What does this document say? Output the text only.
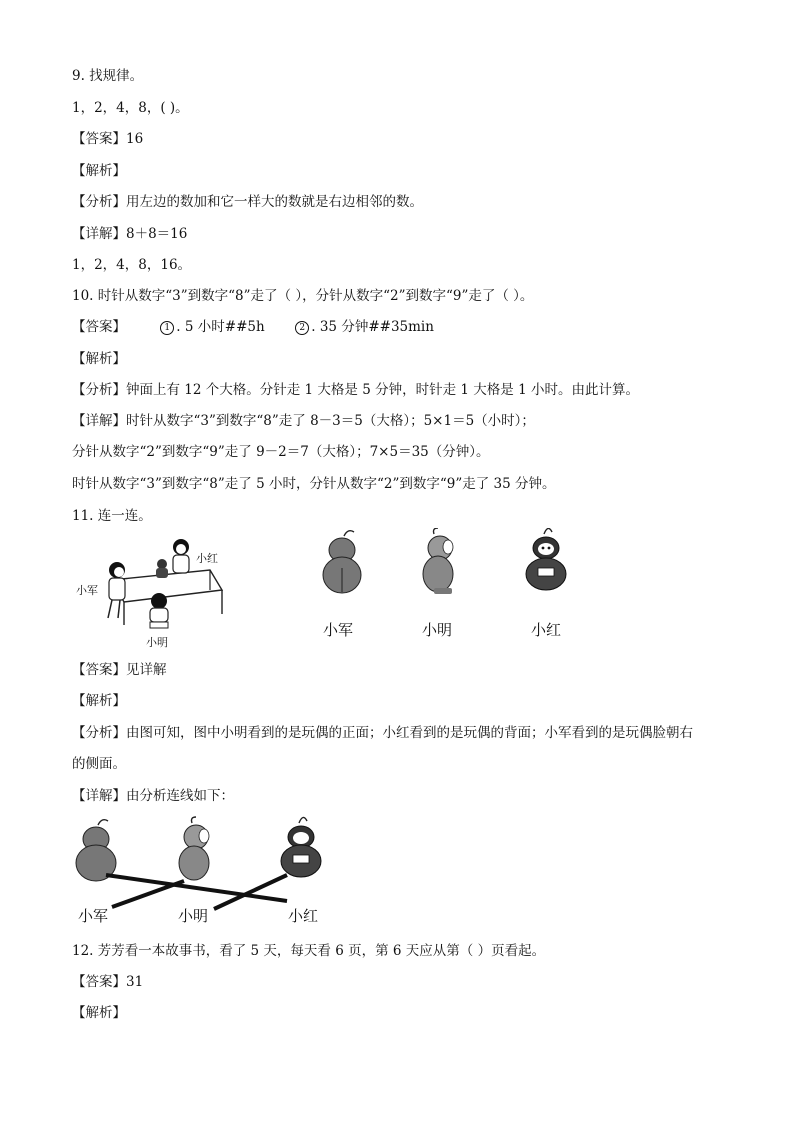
9. 找规律。
1，2，4，8，( )。
【答案】16
【解析】
【分析】用左边的数加和它一样大的数就是右边相邻的数。
【详解】8＋8＝16
1，2，4，8，16。
10. 时针从数字“3”到数字“8”走了（ ），分针从数字“2”到数字“9”走了（ ）。
【答案】	1 . 5 小时##5h	2 . 35 分钟##35min
【解析】
【分析】钟面上有 12 个大格。分针走 1 大格是 5 分钟，时针走 1 大格是 1 小时。由此计算。
【详解】时针从数字“3”到数字“8”走了 8－3＝5（大格）；5×1＝5（小时）；
分针从数字“2”到数字“9”走了 9－2＝7（大格）；7×5＝35（分钟）。
时针从数字“3”到数字“8”走了 5 小时，分针从数字“2”到数字“9”走了 35 分钟。
11. 连一连。
小红
小军
小明
小军	小明	小红
【答案】见详解
【解析】
【分析】由图可知，图中小明看到的是玩偶的正面；小红看到的是玩偶的背面；小军看到的是玩偶脸朝右
的侧面。
【详解】由分析连线如下：
小军	小明	小红
12. 芳芳看一本故事书，看了 5 天，每天看 6 页，第 6 天应从第（ ）页看起。
【答案】31
【解析】
